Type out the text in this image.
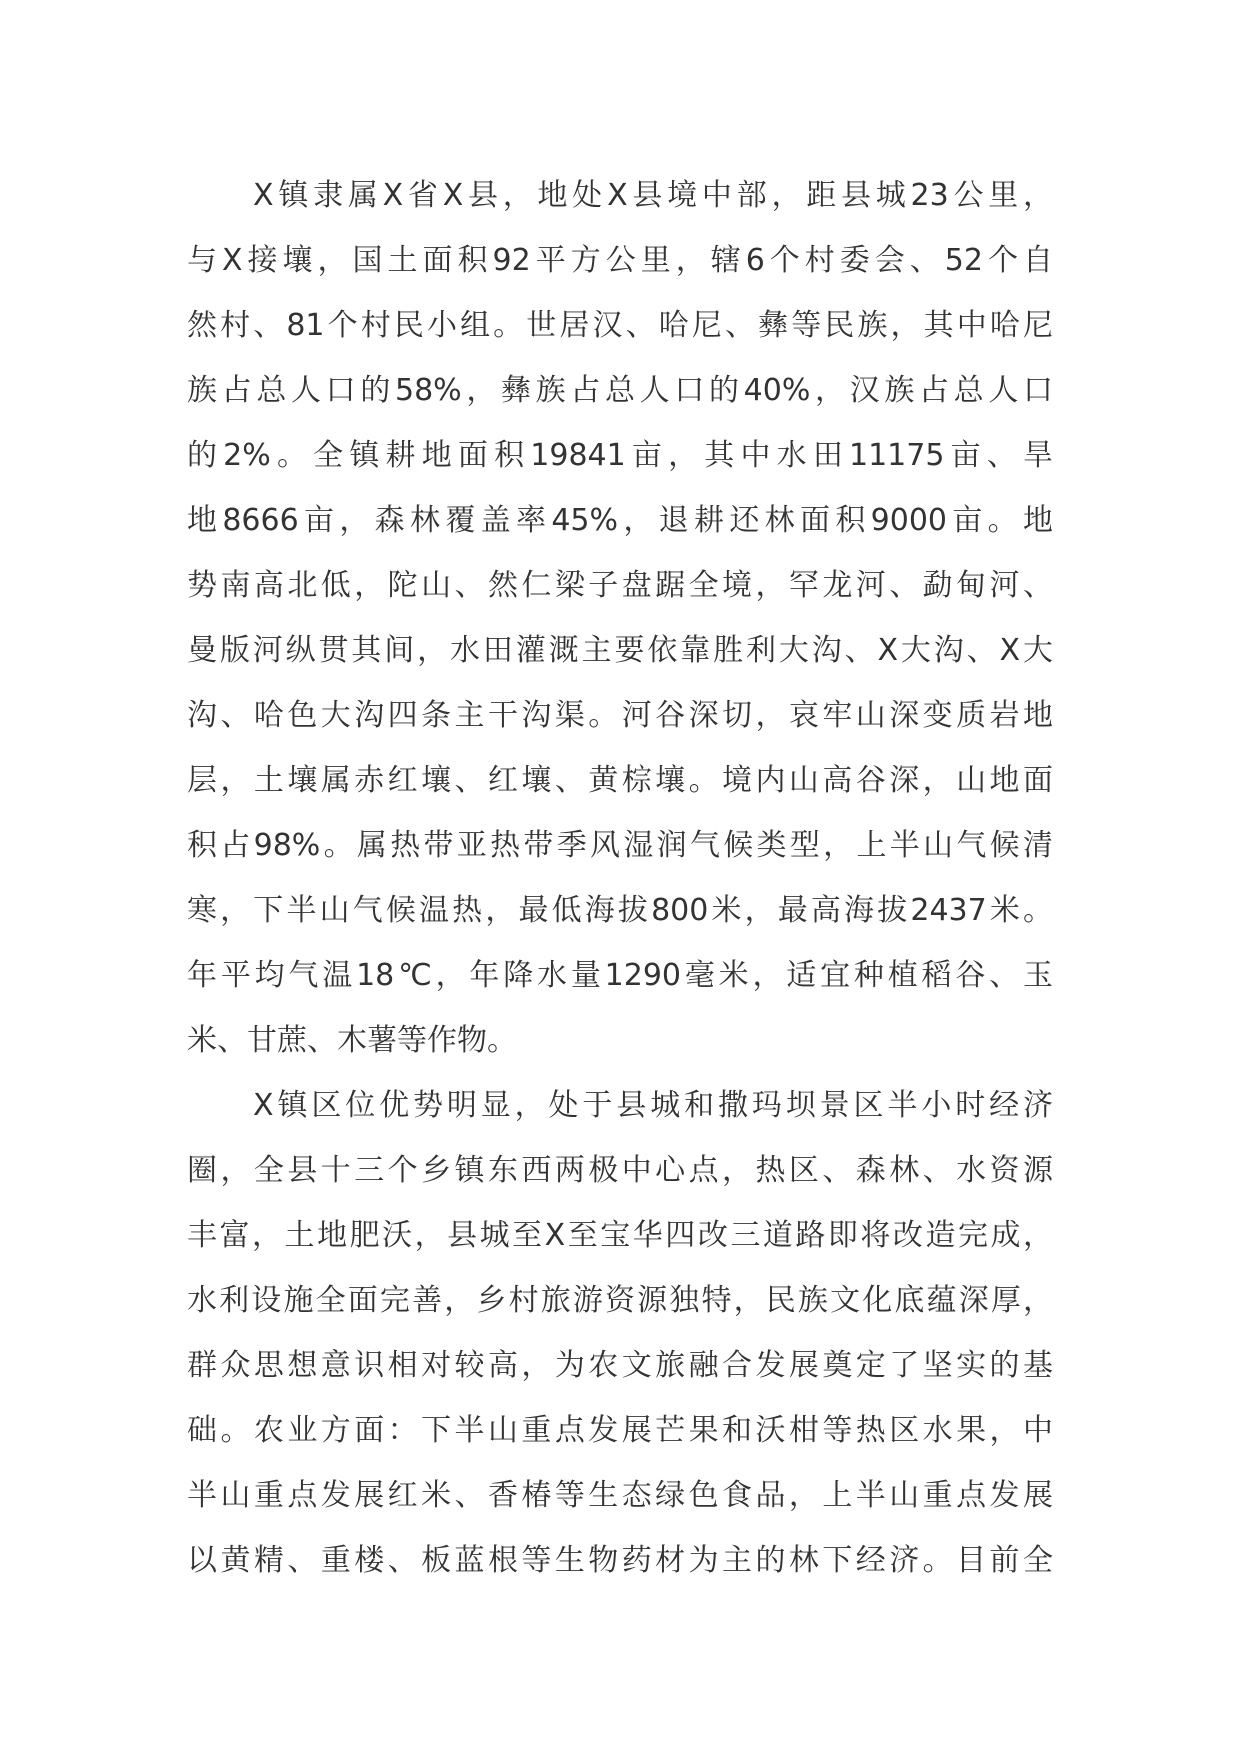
X镇隶属X省X县，地处X县境中部，距县城23公里，
与X接壤，国土面积92平方公里，辖6个村委会、52个自
然村、81个村民小组。世居汉、哈尼、彝等民族，其中哈尼
族占总人口的58%，彝族占总人口的40%，汉族占总人口
的2%。全镇耕地面积19841亩，其中水田11175亩、旱
地8666亩，森林覆盖率45%，退耕还林面积9000亩。地
势南高北低，陀山、然仁梁子盘踞全境，罕龙河、勐甸河、
曼版河纵贯其间，水田灌溉主要依靠胜利大沟、X大沟、X大
沟、哈色大沟四条主干沟渠。河谷深切，哀牢山深变质岩地
层，土壤属赤红壤、红壤、黄棕壤。境内山高谷深，山地面
积占98%。属热带亚热带季风湿润气候类型，上半山气候清
寒，下半山气候温热，最低海拔800米，最高海拔2437米。
年平均气温18℃，年降水量1290毫米，适宜种植稻谷、玉
米、甘蔗、木薯等作物。
X镇区位优势明显，处于县城和撒玛坝景区半小时经济
圈，全县十三个乡镇东西两极中心点，热区、森林、水资源
丰富，土地肥沃，县城至X至宝华四改三道路即将改造完成，
水利设施全面完善，乡村旅游资源独特，民族文化底蕴深厚，
群众思想意识相对较高，为农文旅融合发展奠定了坚实的基
础。农业方面：下半山重点发展芒果和沃柑等热区水果，中
半山重点发展红米、香椿等生态绿色食品，上半山重点发展
以黄精、重楼、板蓝根等生物药材为主的林下经济。目前全
